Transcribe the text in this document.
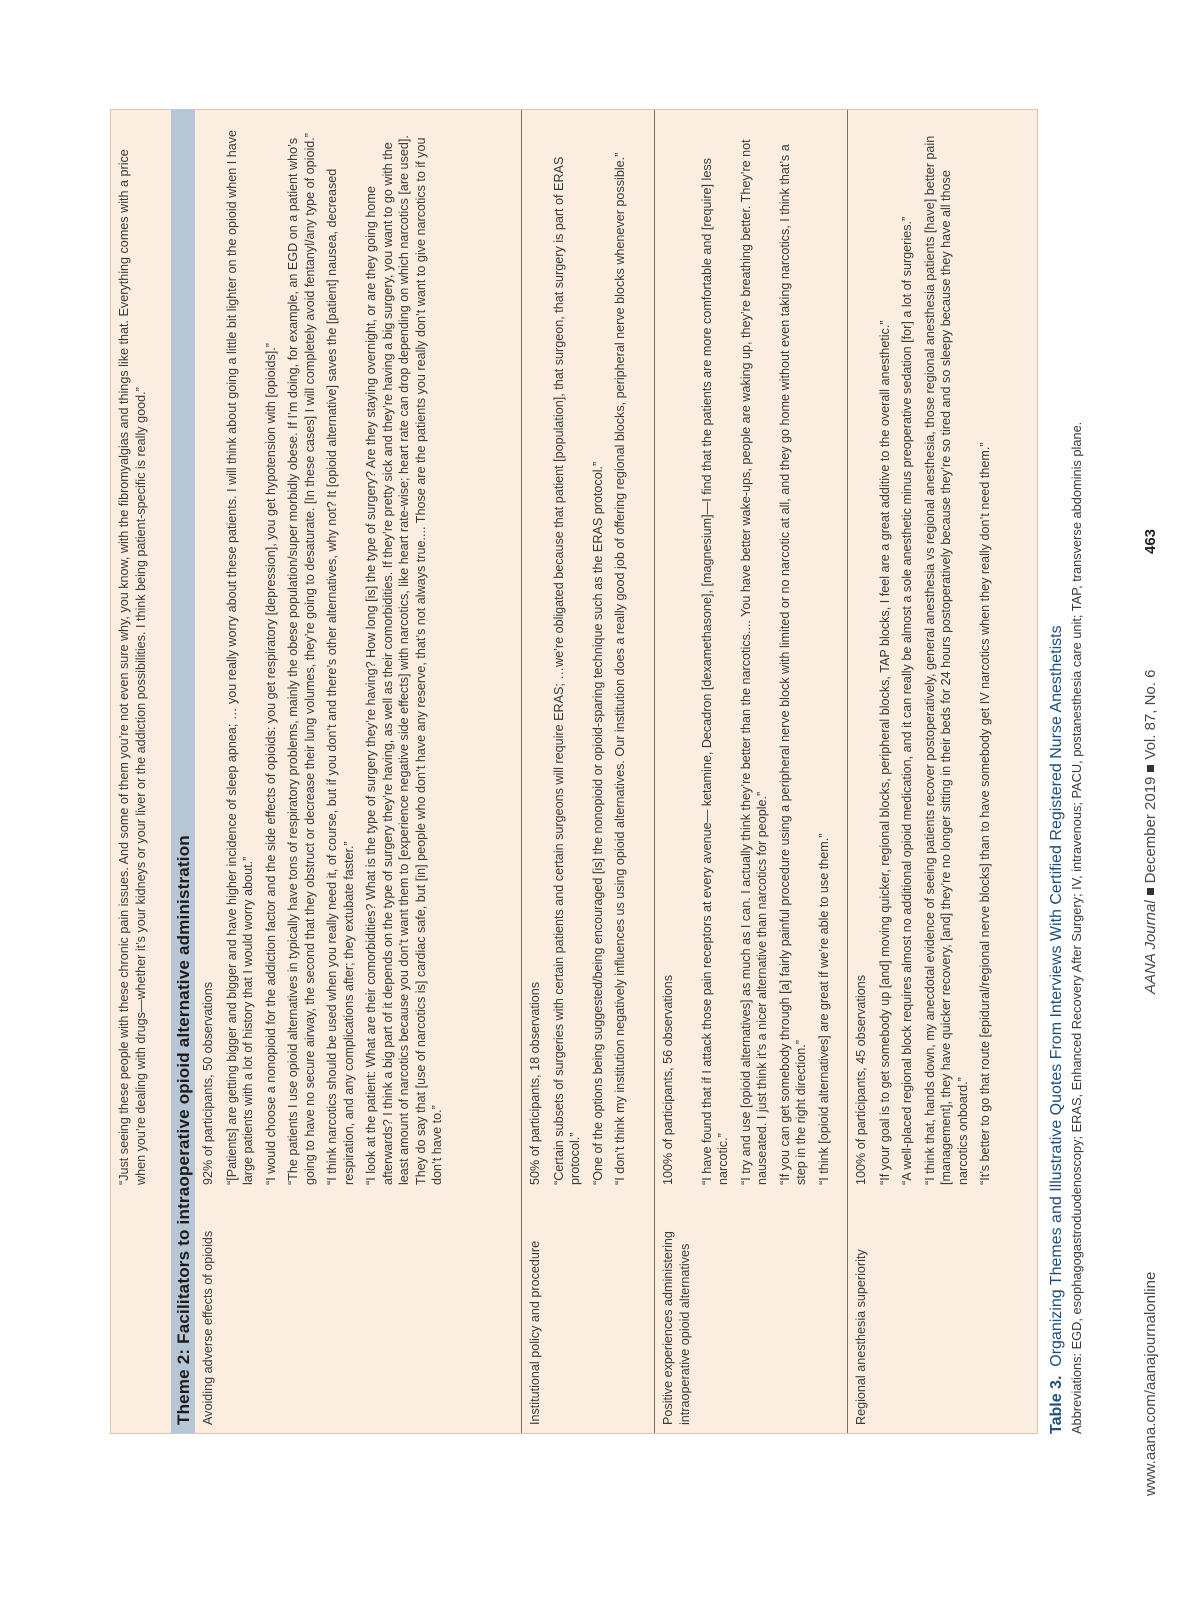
“Just seeing these people with these chronic pain issues. And some of them you’re not even sure why, you know, with the fibromyalgias and things like that. Everything comes with a price when you’re dealing with drugs—whether it’s your kidneys or your liver or the addiction possibilities. I think being patient-specific is really good.” Theme 2: Facilitators to intraoperative opioid alternative administration Avoiding adverse effects of opioids

92% of participants, 50 observations “[Patients] are getting bigger and bigger and have higher incidence of sleep apnea; … you really worry about these patients. I will think about going a little bit lighter on the opioid when I have large patients with a lot of history that I would worry about.” “I would choose a nonopioid for the addiction factor and the side effects of opioids: you get respiratory [depression], you get hypotension with [opioids].” “The patients I use opioid alternatives in typically have tons of respiratory problems, mainly the obese population/super morbidly obese. If I’m doing, for example, an EGD on a patient who’s going to have no secure airway, the second that they obstruct or decrease their lung volumes, they’re going to desaturate. [In these cases] I will completely avoid fentanyl/any type of opioid.” “I think narcotics should be used when you really need it, of course, but if you don’t and there’s other alternatives, why not? It [opioid alternative] saves the [patient] nausea, decreased respiration, and any complications after; they extubate faster.” “I look at the patient: What are their comorbidities? What is the type of surgery they’re having? How long [is] the type of surgery? Are they staying overnight, or are they going home afterwards? I think a big part of it depends on the type of surgery they’re having, as well as their comorbidities. If they’re pretty sick and they’re having a big surgery, you want to go with the least amount of narcotics because you don’t want them to [experience negative side effects] with narcotics, like heart rate-wise; heart rate can drop depending on which narcotics [are used]. They do say that [use of narcotics is] cardiac safe, but [in] people who don’t have any reserve, that’s not always true.... Those are the patients you really don’t want to give narcotics to if you don’t have to.”

Institutional policy and procedure

50% of participants, 18 observations “Certain subsets of surgeries with certain patients and certain surgeons will require ERAS; …we’re obligated because that patient [population], that surgeon, that surgery is part of ERAS protocol.” “One of the options being suggested/being encouraged [is] the nonopioid or opioid-sparing technique such as the ERAS protocol.” “I don’t think my institution negatively influences us using opioid alternatives. Our institution does a really good job of offering regional blocks, peripheral nerve blocks whenever possible.”

Positive experiences administering intraoperative opioid alternatives

100% of participants, 56 observations “I have found that if I attack those pain receptors at every avenue— ketamine, Decadron [dexamethasone], [magnesium]—I find that the patients are more comfortable and [require] less narcotic.” “I try and use [opioid alternatives] as much as I can. I actually think they’re better than the narcotics.... You have better wake-ups, people are waking up, they’re breathing better. They’re not nauseated. I just think it’s a nicer alternative than narcotics for people.” “If you can get somebody through [a] fairly painful procedure using a peripheral nerve block with limited or no narcotic at all, and they go home without even taking narcotics, I think that’s a step in the right direction.” “I think [opioid alternatives] are great if we’re able to use them.”

Regional anesthesia superiority

100% of participants, 45 observations “If your goal is to get somebody up [and] moving quicker, regional blocks, peripheral blocks, TAP blocks, I feel are a great additive to the overall anesthetic.” “A well-placed regional block requires almost no additional opioid medication, and it can really be almost a sole anesthetic minus preoperative sedation [for] a lot of surgeries.” “I think that, hands down, my anecdotal evidence of seeing patients recover postoperatively, general anesthesia vs regional anesthesia, those regional anesthesia patients [have] better pain [management], they have quicker recovery, [and] they’re no longer sitting in their beds for 24 hours postoperatively because they’re so tired and so sleepy because they have all those narcotics onboard.” “It’s better to go that route [epidural/regional nerve blocks] than to have somebody get IV narcotics when they really don’t need them.”

Table 3.  Organizing Themes and Illustrative Quotes From Interviews With Certified Registered Nurse Anesthetists Abbreviations: EGD, esophagogastroduodenoscopy; ERAS, Enhanced Recovery After Surgery; IV, intravenous; PACU, postanesthesia care unit; TAP, transverse abdominis plane.	www.aana.com/aanajournalonline
AANA JournalDecember 2019Vol. 87, No. 6
463
